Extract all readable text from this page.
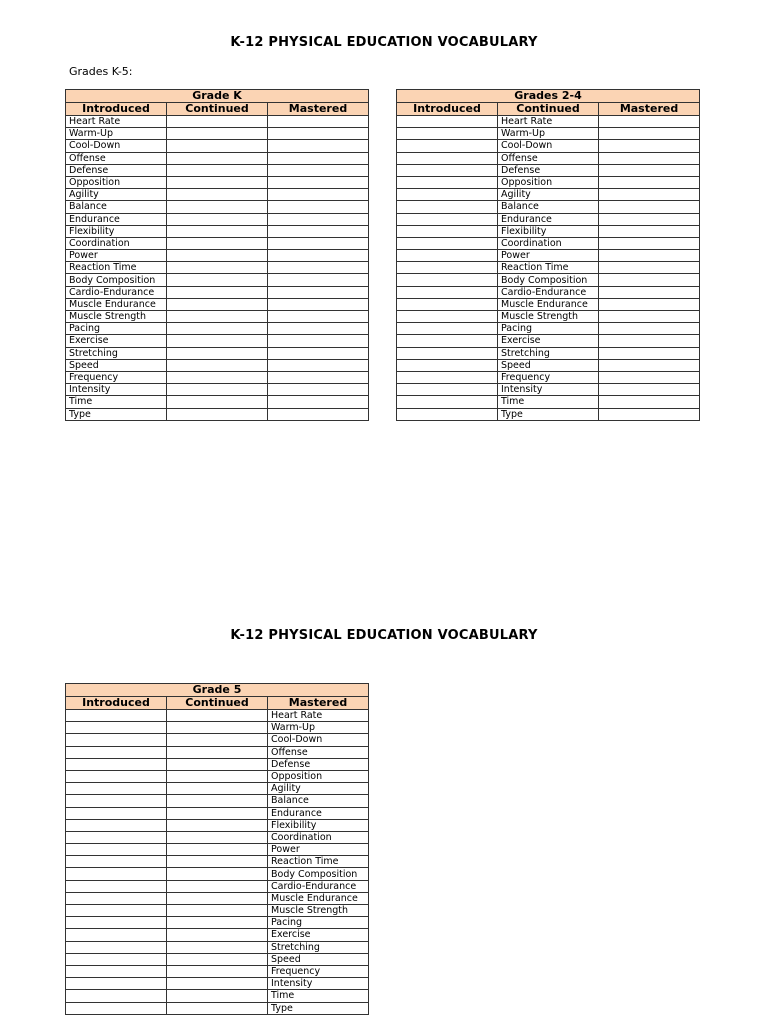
K-12 PHYSICAL EDUCATION VOCABULARY
Grades K-5:
Grade K		
Introduced	Continued	Mastered
Heart Rate		
Warm-Up		
Cool-Down		
Offense		
Defense		
Opposition		
Agility		
Balance		
Endurance		
Flexibility		
Coordination		
Power		
Reaction Time		
Body Composition		
Cardio-Endurance		
Muscle Endurance		
Muscle Strength		
Pacing		
Exercise		
Stretching		
Speed		
Frequency		
Intensity		
Time		
Type		
Grades 2-4		
Introduced	Continued	Mastered
	Heart Rate	
	Warm-Up	
	Cool-Down	
	Offense	
	Defense	
	Opposition	
	Agility	
	Balance	
	Endurance	
	Flexibility	
	Coordination	
	Power	
	Reaction Time	
	Body Composition	
	Cardio-Endurance	
	Muscle Endurance	
	Muscle Strength	
	Pacing	
	Exercise	
	Stretching	
	Speed	
	Frequency	
	Intensity	
	Time	
	Type	
K-12 PHYSICAL EDUCATION VOCABULARY
Grade 5		
Introduced	Continued	Mastered
		Heart Rate
		Warm-Up
		Cool-Down
		Offense
		Defense
		Opposition
		Agility
		Balance
		Endurance
		Flexibility
		Coordination
		Power
		Reaction Time
		Body Composition
		Cardio-Endurance
		Muscle Endurance
		Muscle Strength
		Pacing
		Exercise
		Stretching
		Speed
		Frequency
		Intensity
		Time
		Type
